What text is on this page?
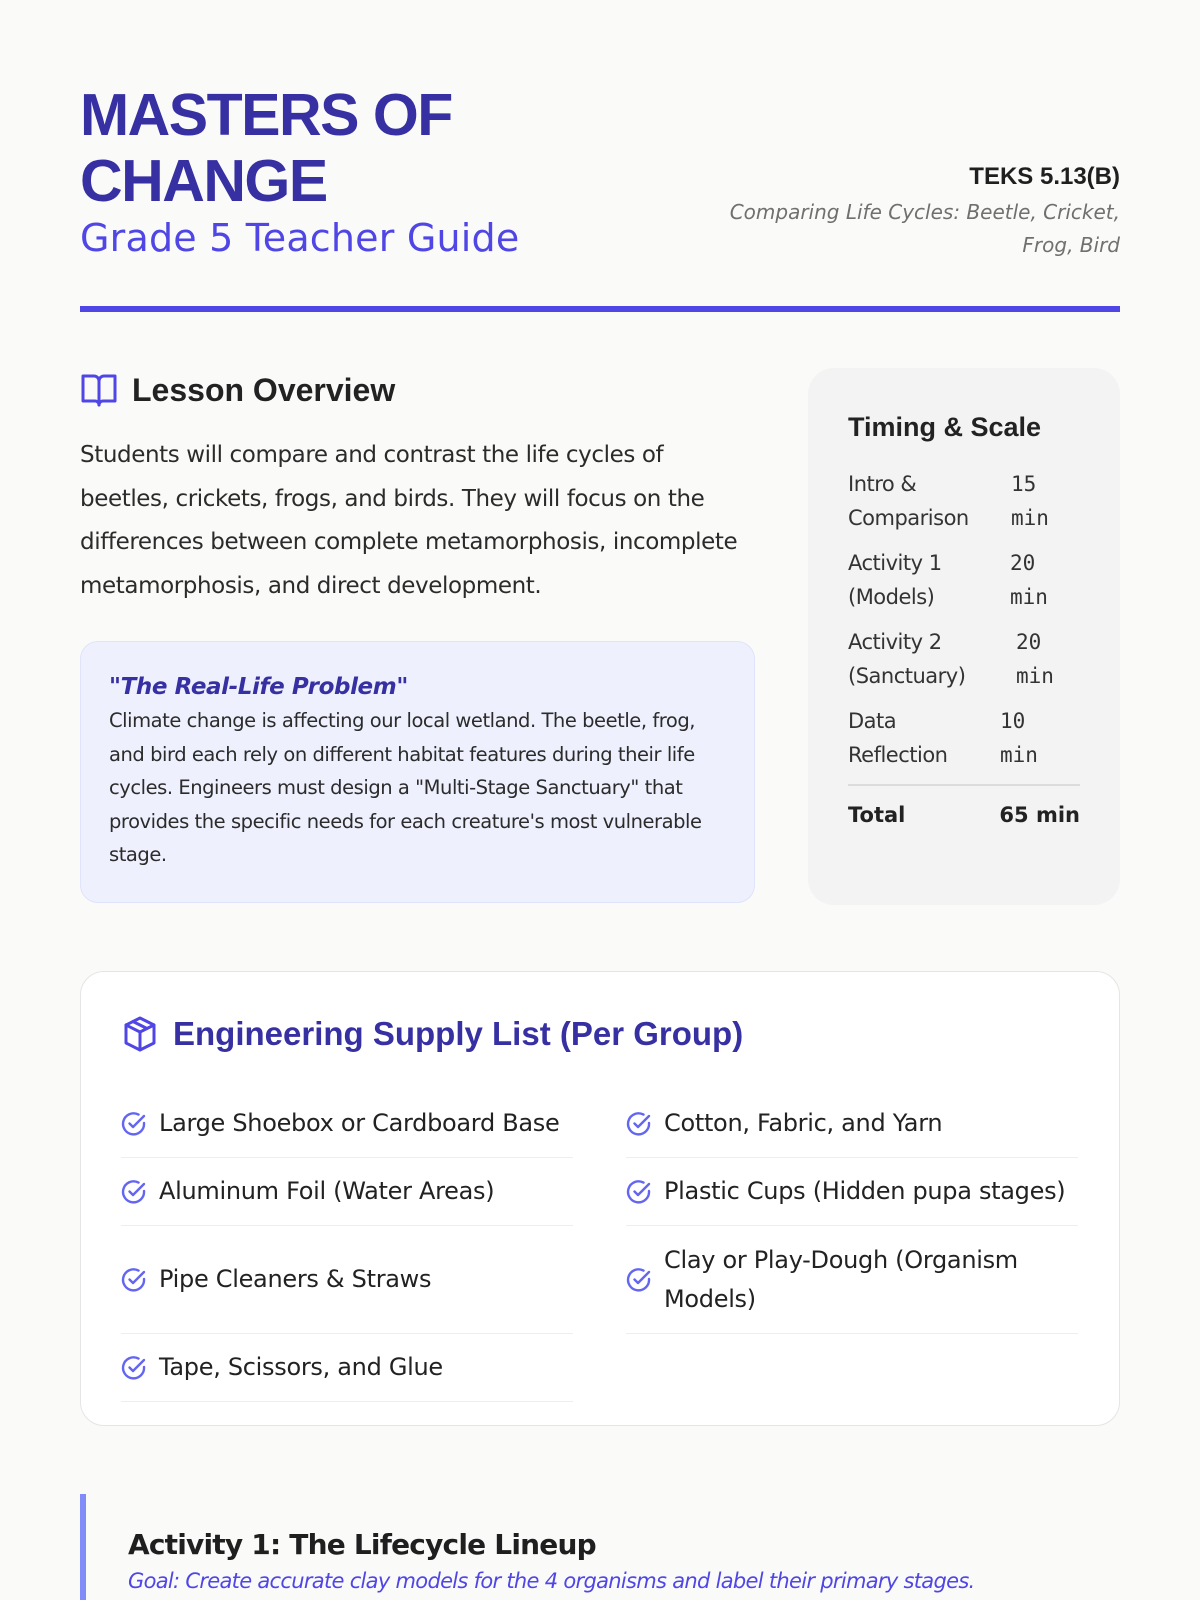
MASTERS OF CHANGE
Grade 5 Teacher Guide
TEKS 5.13(B)
Comparing Life Cycles: Beetle, Cricket, Frog, Bird
Lesson Overview

Students will compare and contrast the life cycles of beetles, crickets, frogs, and birds. They will focus on the differences between complete metamorphosis, incomplete metamorphosis, and direct development.

"The Real-Life Problem"

Climate change is affecting our local wetland. The beetle, frog, and bird each rely on different habitat features during their life cycles. Engineers must design a "Multi-Stage Sanctuary" that provides the specific needs for each creature's most vulnerable stage.

Timing & Scale
Intro & Comparison
15 min
Activity 1 (Models)
20 min
Activity 2 (Sanctuary)
20 min
Data Reflection
10 min
Total	65 min
Engineering Supply List (Per Group)
Large Shoebox or Cardboard Base
Aluminum Foil (Water Areas)
Pipe Cleaners & Straws
Tape, Scissors, and Glue
Cotton, Fabric, and Yarn
Plastic Cups (Hidden pupa stages)
Clay or Play-Dough (Organism Models)
Activity 1: The Lifecycle Lineup
Goal: Create accurate clay models for the 4 organisms and label their primary stages.
